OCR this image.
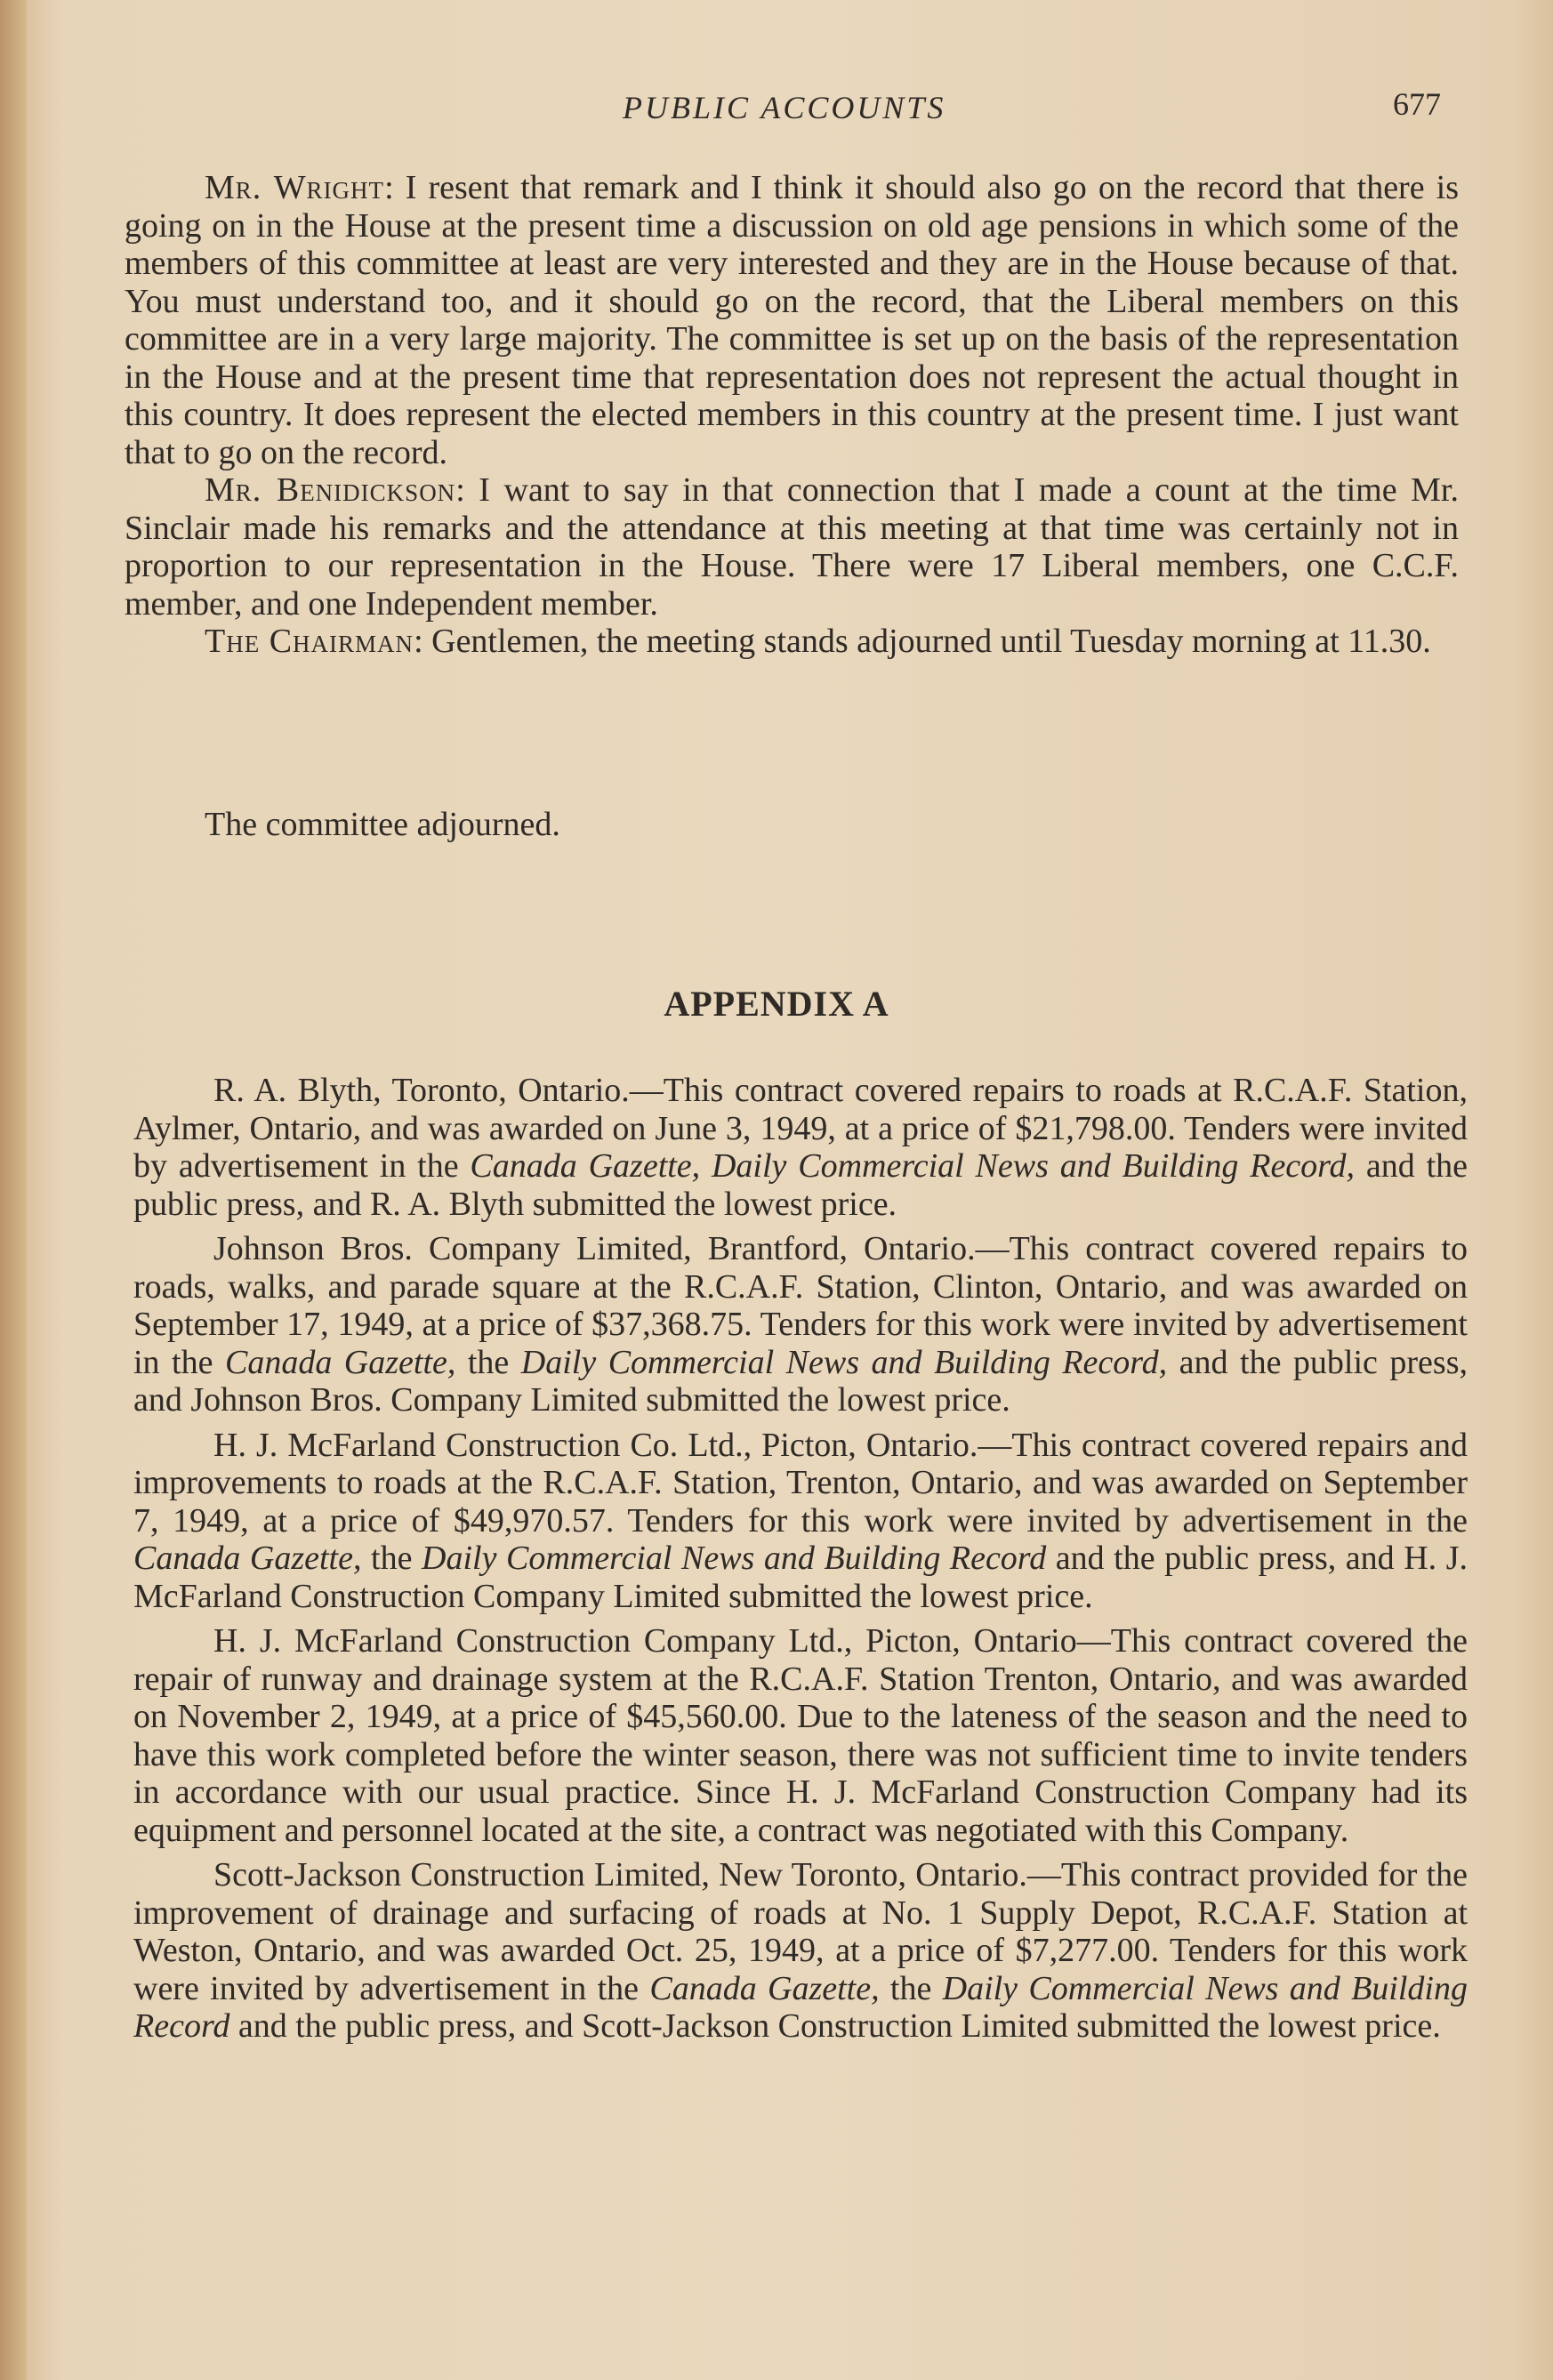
PUBLIC ACCOUNTS	677

Mr. Wright: I resent that remark and I think it should also go on the record that there is going on in the House at the present time a discussion on old age pensions in which some of the members of this committee at least are very interested and they are in the House because of that. You must understand too, and it should go on the record, that the Liberal members on this committee are in a very large majority. The committee is set up on the basis of the representation in the House and at the present time that representation does not represent the actual thought in this country. It does represent the elected members in this country at the present time. I just want that to go on the record.

Mr. Benidickson: I want to say in that connection that I made a count at the time Mr. Sinclair made his remarks and the attendance at this meeting at that time was certainly not in proportion to our representation in the House. There were 17 Liberal members, one C.C.F. member, and one Independent member.

The Chairman: Gentlemen, the meeting stands adjourned until Tuesday morning at 11.30.

The committee adjourned.
APPENDIX A

R. A. Blyth, Toronto, Ontario.—This contract covered repairs to roads at R.C.A.F. Station, Aylmer, Ontario, and was awarded on June 3, 1949, at a price of $21,798.00. Tenders were invited by advertisement in the Canada Gazette, Daily Commercial News and Building Record, and the public press, and R. A. Blyth submitted the lowest price.

Johnson Bros. Company Limited, Brantford, Ontario.—This contract covered repairs to roads, walks, and parade square at the R.C.A.F. Station, Clinton, Ontario, and was awarded on September 17, 1949, at a price of $37,368.75. Tenders for this work were invited by advertisement in the Canada Gazette, the Daily Commercial News and Building Record, and the public press, and Johnson Bros. Company Limited submitted the lowest price.

H. J. McFarland Construction Co. Ltd., Picton, Ontario.—This contract covered repairs and improvements to roads at the R.C.A.F. Station, Trenton, Ontario, and was awarded on September 7, 1949, at a price of $49,970.57. Tenders for this work were invited by advertisement in the Canada Gazette, the Daily Commercial News and Building Record and the public press, and H. J. McFarland Construction Company Limited submitted the lowest price.

H. J. McFarland Construction Company Ltd., Picton, Ontario—This contract covered the repair of runway and drainage system at the R.C.A.F. Station Trenton, Ontario, and was awarded on November 2, 1949, at a price of $45,560.00. Due to the lateness of the season and the need to have this work completed before the winter season, there was not sufficient time to invite tenders in accordance with our usual practice. Since H. J. McFarland Construction Company had its equipment and personnel located at the site, a contract was negotiated with this Company.

Scott-Jackson Construction Limited, New Toronto, Ontario.—This contract provided for the improvement of drainage and surfacing of roads at No. 1 Supply Depot, R.C.A.F. Station at Weston, Ontario, and was awarded Oct. 25, 1949, at a price of $7,277.00. Tenders for this work were invited by advertisement in the Canada Gazette, the Daily Commercial News and Building Record and the public press, and Scott-Jackson Construction Limited submitted the lowest price.
